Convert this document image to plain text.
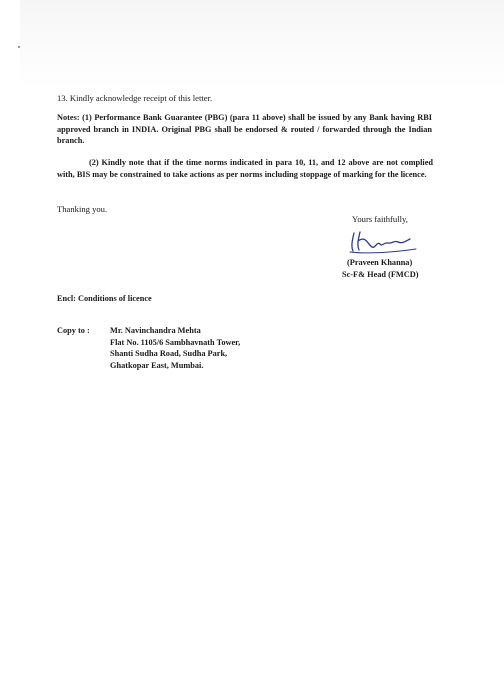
13. Kindly acknowledge receipt of this letter.

Notes: (1) Performance Bank Guarantee (PBG) (para 11 above) shall be issued by any Bank having RBI approved branch in INDIA. Original PBG shall be endorsed & routed / forwarded through the Indian branch.

(2) Kindly note that if the time norms indicated in para 10, 11, and 12 above are not complied with, BIS may be constrained to take actions as per norms including stoppage of marking for the licence.

Thanking you.

Yours faithfully,

(Praveen Khanna)

Sc-F& Head (FMCD)

Encl: Conditions of licence

Copy to : Mr. Navinchandra Mehta
Flat No. 1105/6 Sambhavnath Tower,
Shanti Sudha Road, Sudha Park,
Ghatkopar East, Mumbai.
